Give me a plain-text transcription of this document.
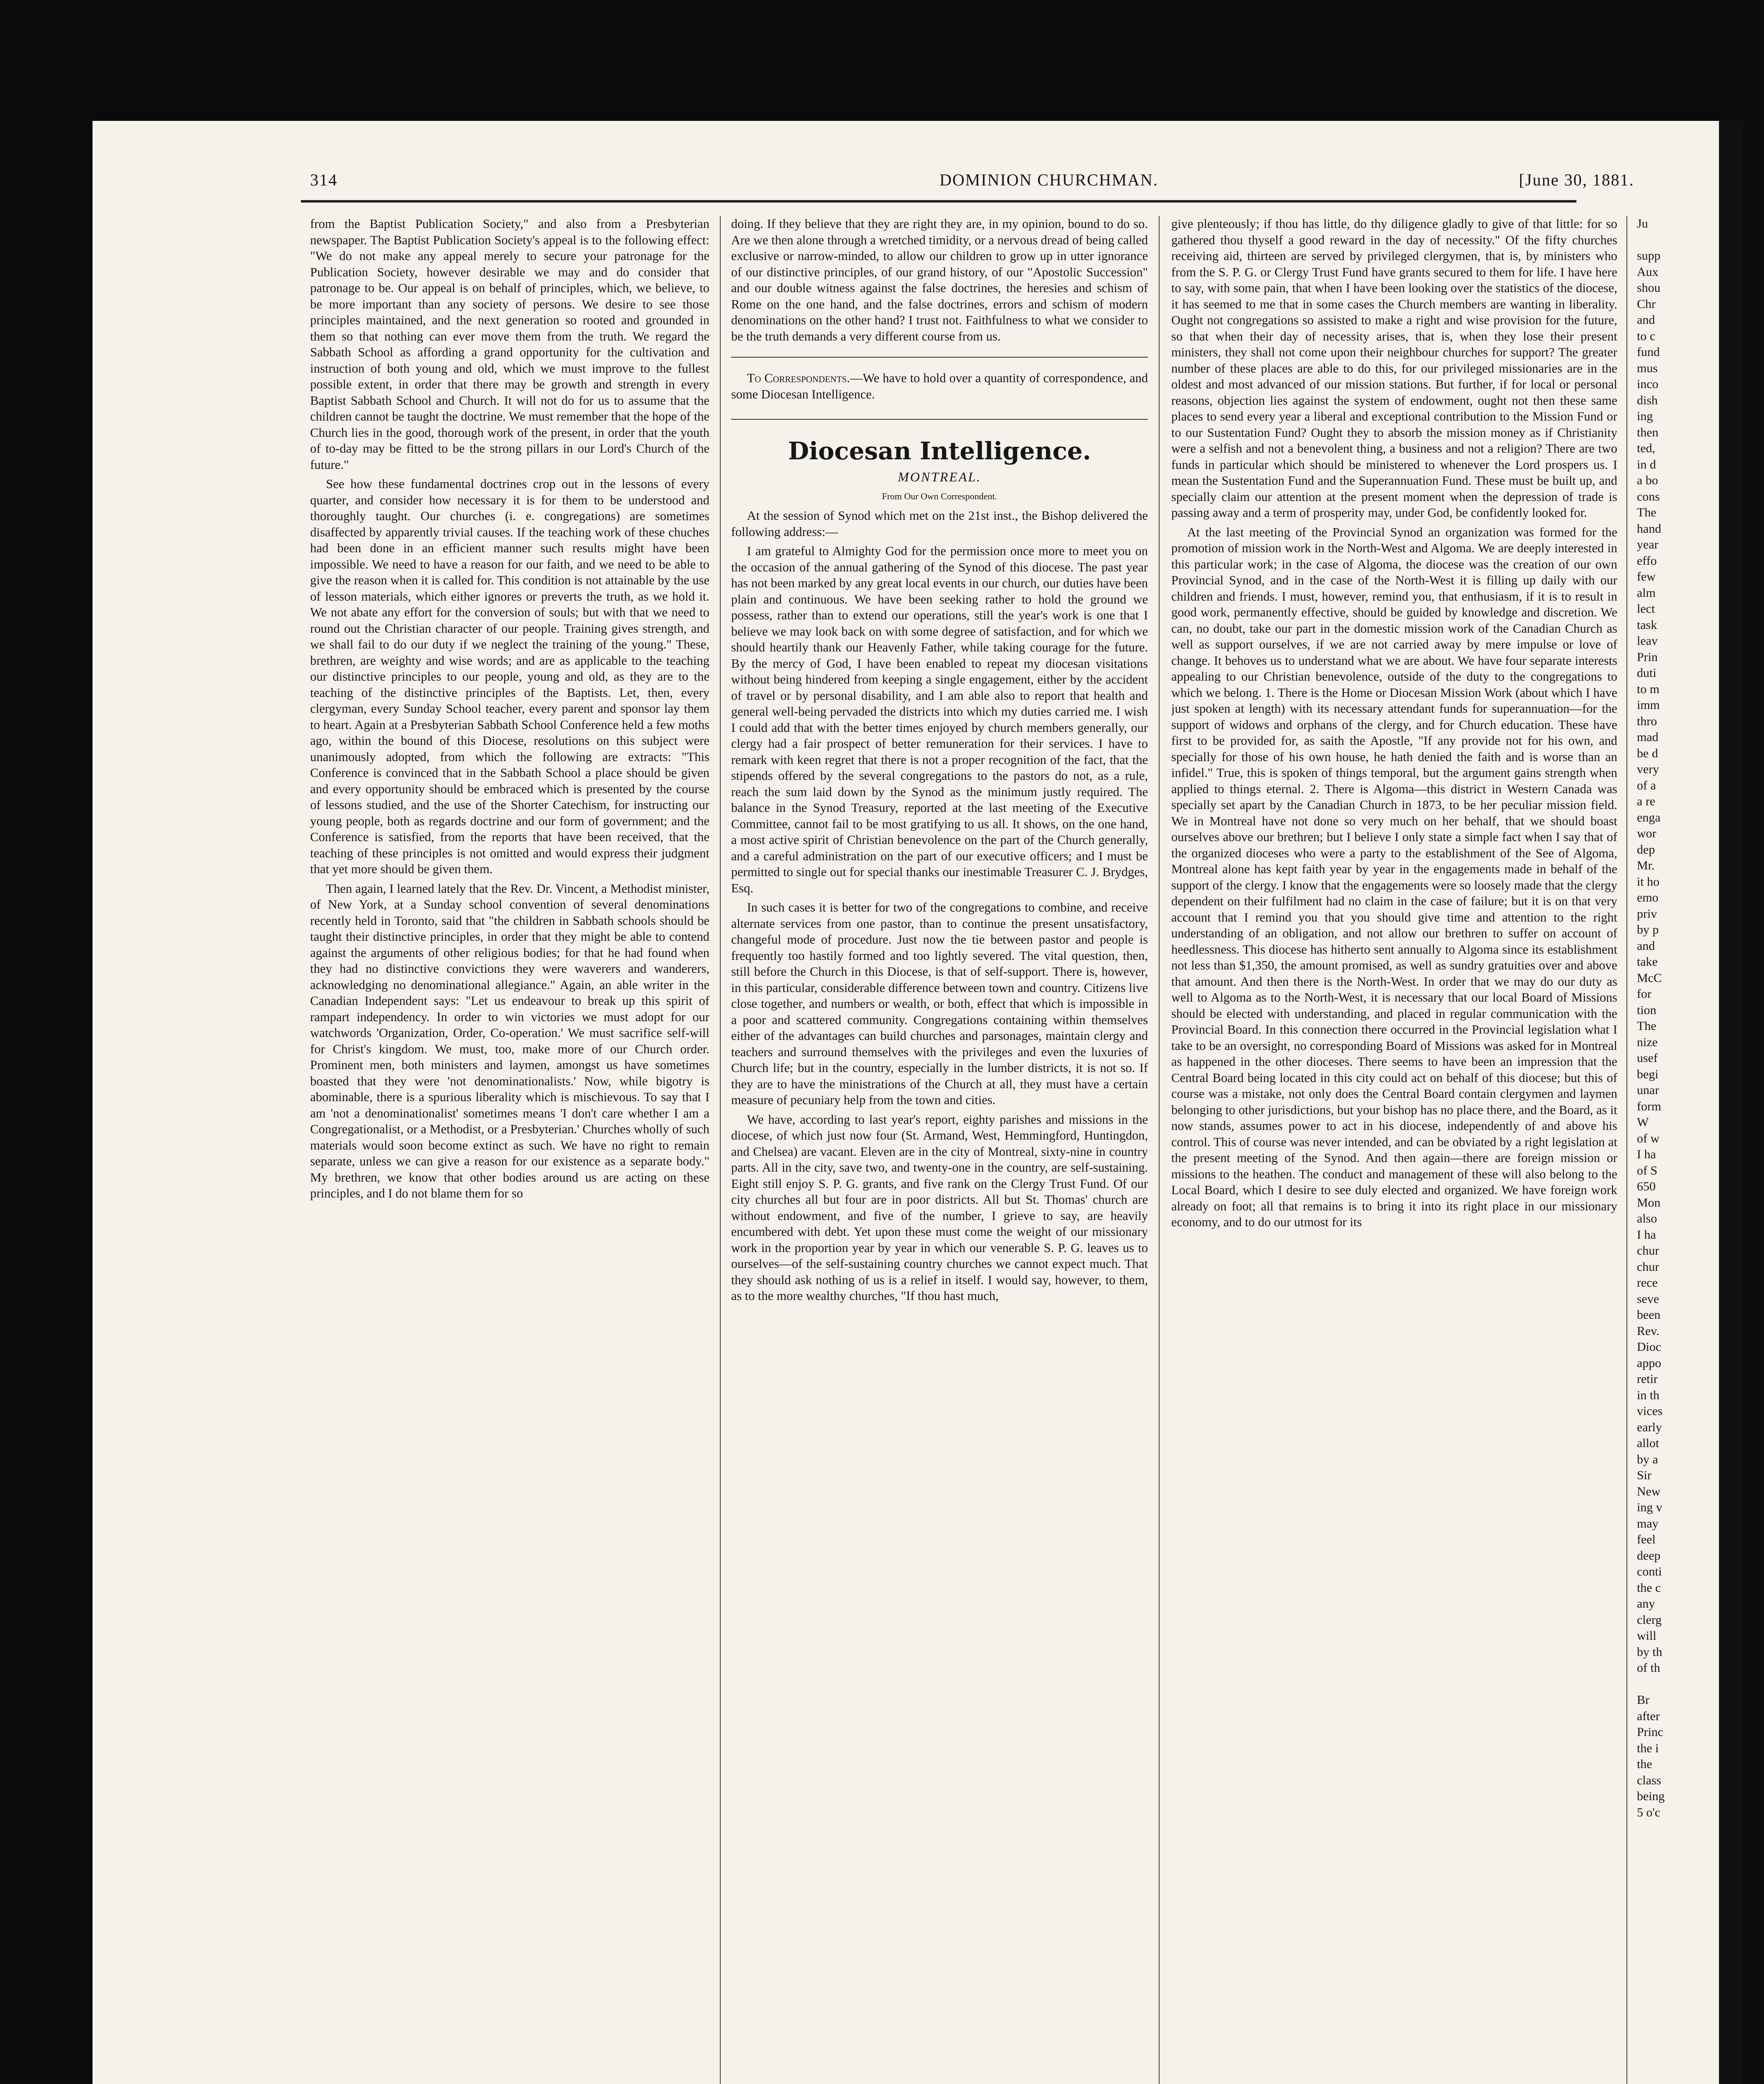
314	DOMINION CHURCHMAN.	[June 30, 1881.

from the Baptist Publication Society," and also from a Presbyterian newspaper. The Baptist Publication Society's appeal is to the following effect: "We do not make any appeal merely to secure your patronage for the Publication Society, however desirable we may and do consider that patronage to be. Our appeal is on behalf of principles, which, we believe, to be more important than any society of persons. We desire to see those principles maintained, and the next generation so rooted and grounded in them so that nothing can ever move them from the truth. We regard the Sabbath School as affording a grand opportunity for the cultivation and instruction of both young and old, which we must improve to the fullest possible extent, in order that there may be growth and strength in every Baptist Sabbath School and Church. It will not do for us to assume that the children cannot be taught the doctrine. We must remember that the hope of the Church lies in the good, thorough work of the present, in order that the youth of to-day may be fitted to be the strong pillars in our Lord's Church of the future."

See how these fundamental doctrines crop out in the lessons of every quarter, and consider how necessary it is for them to be understood and thoroughly taught. Our churches (i. e. congregations) are sometimes disaffected by apparently trivial causes. If the teaching work of these chuches had been done in an efficient manner such results might have been impossible. We need to have a reason for our faith, and we need to be able to give the reason when it is called for. This condition is not attainable by the use of lesson materials, which either ignores or preverts the truth, as we hold it. We not abate any effort for the conversion of souls; but with that we need to round out the Christian character of our people. Training gives strength, and we shall fail to do our duty if we neglect the training of the young." These, brethren, are weighty and wise words; and are as applicable to the teaching our distinctive principles to our people, young and old, as they are to the teaching of the distinctive principles of the Baptists. Let, then, every clergyman, every Sunday School teacher, every parent and sponsor lay them to heart. Again at a Presbyterian Sabbath School Conference held a few moths ago, within the bound of this Diocese, resolutions on this subject were unanimously adopted, from which the following are extracts: "This Conference is convinced that in the Sabbath School a place should be given and every opportunity should be embraced which is presented by the course of lessons studied, and the use of the Shorter Catechism, for instructing our young people, both as regards doctrine and our form of government; and the Conference is satisfied, from the reports that have been received, that the teaching of these principles is not omitted and would express their judgment that yet more should be given them.

Then again, I learned lately that the Rev. Dr. Vincent, a Methodist minister, of New York, at a Sunday school convention of several denominations recently held in Toronto, said that "the children in Sabbath schools should be taught their distinctive principles, in order that they might be able to contend against the arguments of other religious bodies; for that he had found when they had no distinctive convictions they were waverers and wanderers, acknowledging no denominational allegiance." Again, an able writer in the Canadian Independent says: "Let us endeavour to break up this spirit of rampart independency. In order to win victories we must adopt for our watchwords 'Organization, Order, Co-operation.' We must sacrifice self-will for Christ's kingdom. We must, too, make more of our Church order. Prominent men, both ministers and laymen, amongst us have sometimes boasted that they were 'not denominationalists.' Now, while bigotry is abominable, there is a spurious liberality which is mischievous. To say that I am 'not a denominationalist' sometimes means 'I don't care whether I am a Congregationalist, or a Methodist, or a Presbyterian.' Churches wholly of such materials would soon become extinct as such. We have no right to remain separate, unless we can give a reason for our existence as a separate body." My brethren, we know that other bodies around us are acting on these principles, and I do not blame them for so

doing. If they believe that they are right they are, in my opinion, bound to do so. Are we then alone through a wretched timidity, or a nervous dread of being called exclusive or narrow-minded, to allow our children to grow up in utter ignorance of our distinctive principles, of our grand history, of our "Apostolic Succession" and our double witness against the false doctrines, the heresies and schism of Rome on the one hand, and the false doctrines, errors and schism of modern denominations on the other hand? I trust not. Faithfulness to what we consider to be the truth demands a very different course from us.

To Correspondents.—We have to hold over a quantity of correspondence, and some Diocesan Intelligence.

Diocesan Intelligence.

MONTREAL.

From Our Own Correspondent.

At the session of Synod which met on the 21st inst., the Bishop delivered the following address:—

I am grateful to Almighty God for the permission once more to meet you on the occasion of the annual gathering of the Synod of this diocese. The past year has not been marked by any great local events in our church, our duties have been plain and continuous. We have been seeking rather to hold the ground we possess, rather than to extend our operations, still the year's work is one that I believe we may look back on with some degree of satisfaction, and for which we should heartily thank our Heavenly Father, while taking courage for the future. By the mercy of God, I have been enabled to repeat my diocesan visitations without being hindered from keeping a single engagement, either by the accident of travel or by personal disability, and I am able also to report that health and general well-being pervaded the districts into which my duties carried me. I wish I could add that with the better times enjoyed by church members generally, our clergy had a fair prospect of better remuneration for their services. I have to remark with keen regret that there is not a proper recognition of the fact, that the stipends offered by the several congregations to the pastors do not, as a rule, reach the sum laid down by the Synod as the minimum justly required. The balance in the Synod Treasury, reported at the last meeting of the Executive Committee, cannot fail to be most gratifying to us all. It shows, on the one hand, a most active spirit of Christian benevolence on the part of the Church generally, and a careful administration on the part of our executive officers; and I must be permitted to single out for special thanks our inestimable Treasurer C. J. Brydges, Esq.

In such cases it is better for two of the congregations to combine, and receive alternate services from one pastor, than to continue the present unsatisfactory, changeful mode of procedure. Just now the tie between pastor and people is frequently too hastily formed and too lightly severed. The vital question, then, still before the Church in this Diocese, is that of self-support. There is, however, in this particular, considerable difference between town and country. Citizens live close together, and numbers or wealth, or both, effect that which is impossible in a poor and scattered community. Congregations containing within themselves either of the advantages can build churches and parsonages, maintain clergy and teachers and surround themselves with the privileges and even the luxuries of Church life; but in the country, especially in the lumber districts, it is not so. If they are to have the ministrations of the Church at all, they must have a certain measure of pecuniary help from the town and cities.

We have, according to last year's report, eighty parishes and missions in the diocese, of which just now four (St. Armand, West, Hemmingford, Huntingdon, and Chelsea) are vacant. Eleven are in the city of Montreal, sixty-nine in country parts. All in the city, save two, and twenty-one in the country, are self-sustaining. Eight still enjoy S. P. G. grants, and five rank on the Clergy Trust Fund. Of our city churches all but four are in poor districts. All but St. Thomas' church are without endowment, and five of the number, I grieve to say, are heavily encumbered with debt. Yet upon these must come the weight of our missionary work in the proportion year by year in which our venerable S. P. G. leaves us to ourselves—of the self-sustaining country churches we cannot expect much. That they should ask nothing of us is a relief in itself. I would say, however, to them, as to the more wealthy churches, "If thou hast much,

give plenteously; if thou has little, do thy diligence gladly to give of that little: for so gathered thou thyself a good reward in the day of necessity." Of the fifty churches receiving aid, thirteen are served by privileged clergymen, that is, by ministers who from the S. P. G. or Clergy Trust Fund have grants secured to them for life. I have here to say, with some pain, that when I have been looking over the statistics of the diocese, it has seemed to me that in some cases the Church members are wanting in liberality. Ought not congregations so assisted to make a right and wise provision for the future, so that when their day of necessity arises, that is, when they lose their present ministers, they shall not come upon their neighbour churches for support? The greater number of these places are able to do this, for our privileged missionaries are in the oldest and most advanced of our mission stations. But further, if for local or personal reasons, objection lies against the system of endowment, ought not then these same places to send every year a liberal and exceptional contribution to the Mission Fund or to our Sustentation Fund? Ought they to absorb the mission money as if Christianity were a selfish and not a benevolent thing, a business and not a religion? There are two funds in particular which should be ministered to whenever the Lord prospers us. I mean the Sustentation Fund and the Superannuation Fund. These must be built up, and specially claim our attention at the present moment when the depression of trade is passing away and a term of prosperity may, under God, be confidently looked for.

At the last meeting of the Provincial Synod an organization was formed for the promotion of mission work in the North-West and Algoma. We are deeply interested in this particular work; in the case of Algoma, the diocese was the creation of our own Provincial Synod, and in the case of the North-West it is filling up daily with our children and friends. I must, however, remind you, that enthusiasm, if it is to result in good work, permanently effective, should be guided by knowledge and discretion. We can, no doubt, take our part in the domestic mission work of the Canadian Church as well as support ourselves, if we are not carried away by mere impulse or love of change. It behoves us to understand what we are about. We have four separate interests appealing to our Christian benevolence, outside of the duty to the congregations to which we belong. 1. There is the Home or Diocesan Mission Work (about which I have just spoken at length) with its necessary attendant funds for superannuation—for the support of widows and orphans of the clergy, and for Church education. These have first to be provided for, as saith the Apostle, "If any provide not for his own, and specially for those of his own house, he hath denied the faith and is worse than an infidel." True, this is spoken of things temporal, but the argument gains strength when applied to things eternal. 2. There is Algoma—this district in Western Canada was specially set apart by the Canadian Church in 1873, to be her peculiar mission field. We in Montreal have not done so very much on her behalf, that we should boast ourselves above our brethren; but I believe I only state a simple fact when I say that of the organized dioceses who were a party to the establishment of the See of Algoma, Montreal alone has kept faith year by year in the engagements made in behalf of the support of the clergy. I know that the engagements were so loosely made that the clergy dependent on their fulfilment had no claim in the case of failure; but it is on that very account that I remind you that you should give time and attention to the right understanding of an obligation, and not allow our brethren to suffer on account of heedlessness. This diocese has hitherto sent annually to Algoma since its establishment not less than $1,350, the amount promised, as well as sundry gratuities over and above that amount. And then there is the North-West. In order that we may do our duty as well to Algoma as to the North-West, it is necessary that our local Board of Missions should be elected with understanding, and placed in regular communication with the Provincial Board. In this connection there occurred in the Provincial legislation what I take to be an oversight, no corresponding Board of Missions was asked for in Montreal as happened in the other dioceses. There seems to have been an impression that the Central Board being located in this city could act on behalf of this diocese; but this of course was a mistake, not only does the Central Board contain clergymen and laymen belonging to other jurisdictions, but your bishop has no place there, and the Board, as it now stands, assumes power to act in his diocese, independently of and above his control. This of course was never intended, and can be obviated by a right legislation at the present meeting of the Synod. And then again—there are foreign mission or missions to the heathen. The conduct and management of these will also belong to the Local Board, which I desire to see duly elected and organized. We have foreign work already on foot; all that remains is to bring it into its right place in our missionary economy, and to do our utmost for its

Ju

supp
Aux
shou
Chr
and
to c
fund
mus
inco
dish
ing
then
ted,
in d
a bo
cons
The
hand
year
effo
few
alm
lect
task
leav
Prin
duti
to m
imm
thro
mad
be d
very
of a
a re
enga
wor
dep
Mr.
it ho
emo
priv
by p
and
take
McC
for
tion
The
nize
usef
begi
unar
form
W
of w
I ha
of S
650
Mon
also
I ha
chur
chur
rece
seve
been
Rev.
Dioc
appo
retir
in th
vices
early
allot
by a
Sir
New
ing v
may
feel
deep
conti
the c
any
clerg
will
by th
of th

Br
after
Princ
the i
the
class
being
5 o'c
